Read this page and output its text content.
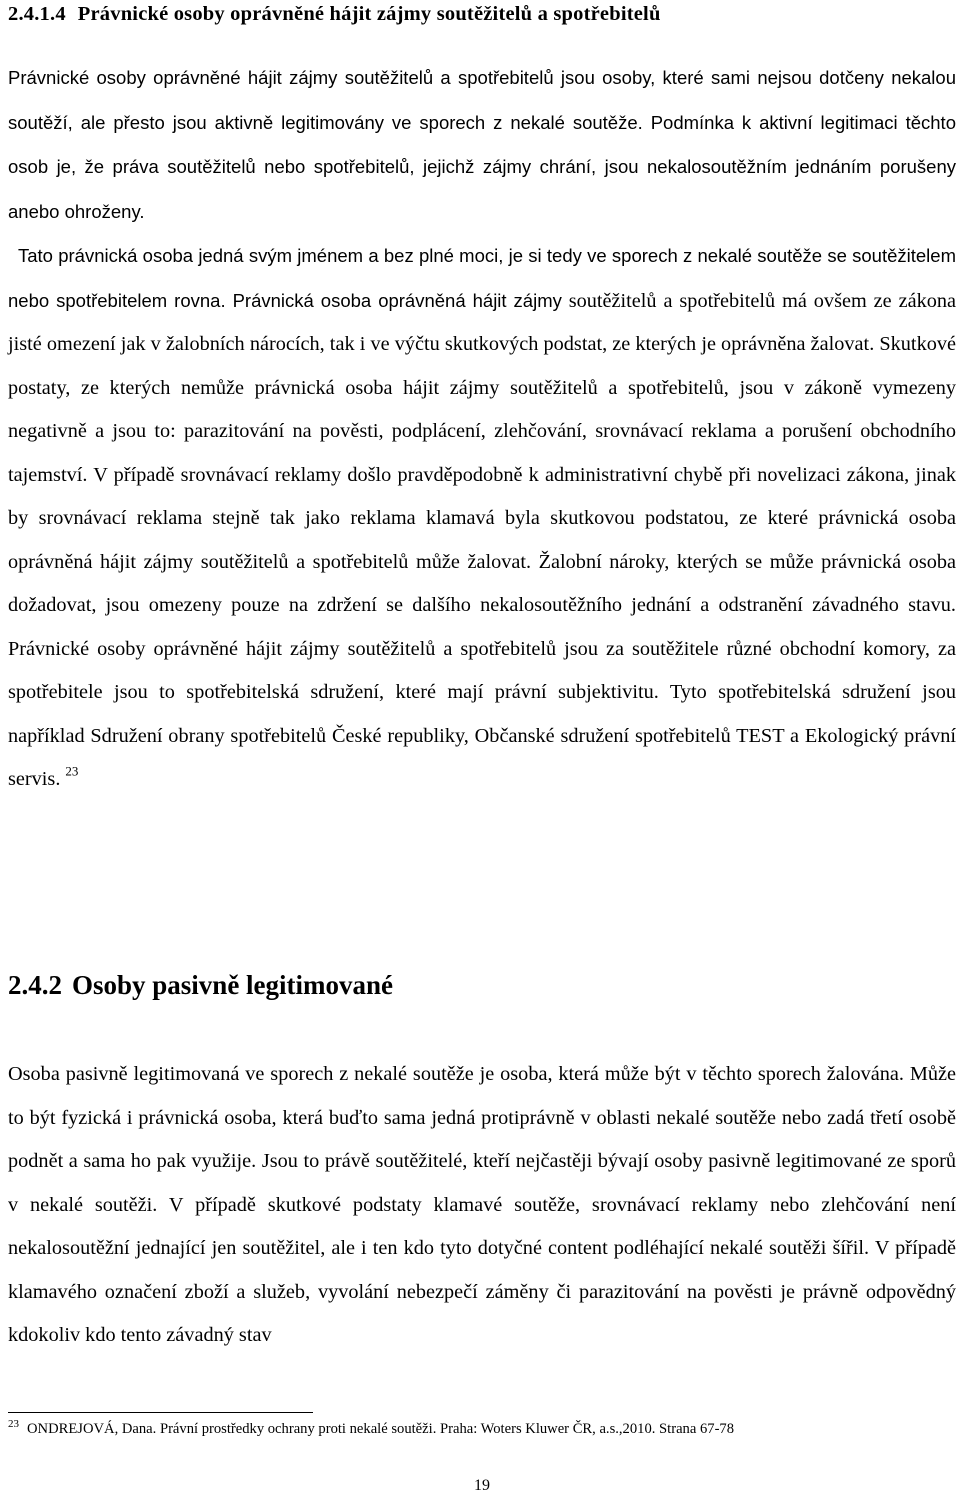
2.4.1.4 Právnické osoby oprávněné hájit zájmy soutěžitelů a spotřebitelů

Právnické osoby oprávněné hájit zájmy soutěžitelů a spotřebitelů jsou osoby, které sami nejsou dotčeny nekalou soutěží, ale přesto jsou aktivně legitimovány ve sporech z nekalé soutěže. Podmínka k aktivní legitimaci těchto osob je, že práva soutěžitelů nebo spotřebitelů, jejichž zájmy chrání, jsou nekalosoutěžním jednáním porušeny anebo ohroženy.
Tato právnická osoba jedná svým jménem a bez plné moci, je si tedy ve sporech z nekalé soutěže se soutěžitelem nebo spotřebitelem rovna. Právnická osoba oprávněná hájit zájmy soutěžitelů a spotřebitelů má ovšem ze zákona jisté omezení jak v žalobních nárocích, tak i ve výčtu skutkových podstat, ze kterých je oprávněna žalovat. Skutkové postaty, ze kterých nemůže právnická osoba hájit zájmy soutěžitelů a spotřebitelů, jsou v zákoně vymezeny negativně a jsou to: parazitování na pověsti, podplácení, zlehčování, srovnávací reklama a porušení obchodního tajemství. V případě srovnávací reklamy došlo pravděpodobně k administrativní chybě při novelizaci zákona, jinak by srovnávací reklama stejně tak jako reklama klamavá byla skutkovou podstatou, ze které právnická osoba oprávněná hájit zájmy soutěžitelů a spotřebitelů může žalovat. Žalobní nároky, kterých se může právnická osoba dožadovat, jsou omezeny pouze na zdržení se dalšího nekalosoutěžního jednání a odstranění závadného stavu. Právnické osoby oprávněné hájit zájmy soutěžitelů a spotřebitelů jsou za soutěžitele různé obchodní komory, za spotřebitele jsou to spotřebitelská sdružení, které mají právní subjektivitu. Tyto spotřebitelská sdružení jsou například Sdružení obrany spotřebitelů České republiky, Občanské sdružení spotřebitelů TEST a Ekologický právní servis. $^{23}$

2.4.2 Osoby pasivně legitimované

Osoba pasivně legitimovaná ve sporech z nekalé soutěže je osoba, která může být v těchto sporech žalována. Může to být fyzická i právnická osoba, která buďto sama jedná protiprávně v oblasti nekalé soutěže nebo zadá třetí osobě podnět a sama ho pak využije. Jsou to právě soutěžitelé, kteří nejčastěji bývají osoby pasivně legitimované ze sporů v nekalé soutěži. V případě skutkové podstaty klamavé soutěže, srovnávací reklamy nebo zlehčování není nekalosoutěžní jednající jen soutěžitel, ale i ten kdo tyto dotyčné content podléhající nekalé soutěži šířil. V případě klamavého označení zboží a služeb, vyvolání nebezpečí záměny či parazitování na pověsti je právně odpovědný kdokoliv kdo tento závadný stav

$^{23}$ ONDREJOVÁ, Dana. Právní prostředky ochrany proti nekalé soutěži. Praha: Woters Kluwer ČR, a.s.,2010. Strana 67-78

19
